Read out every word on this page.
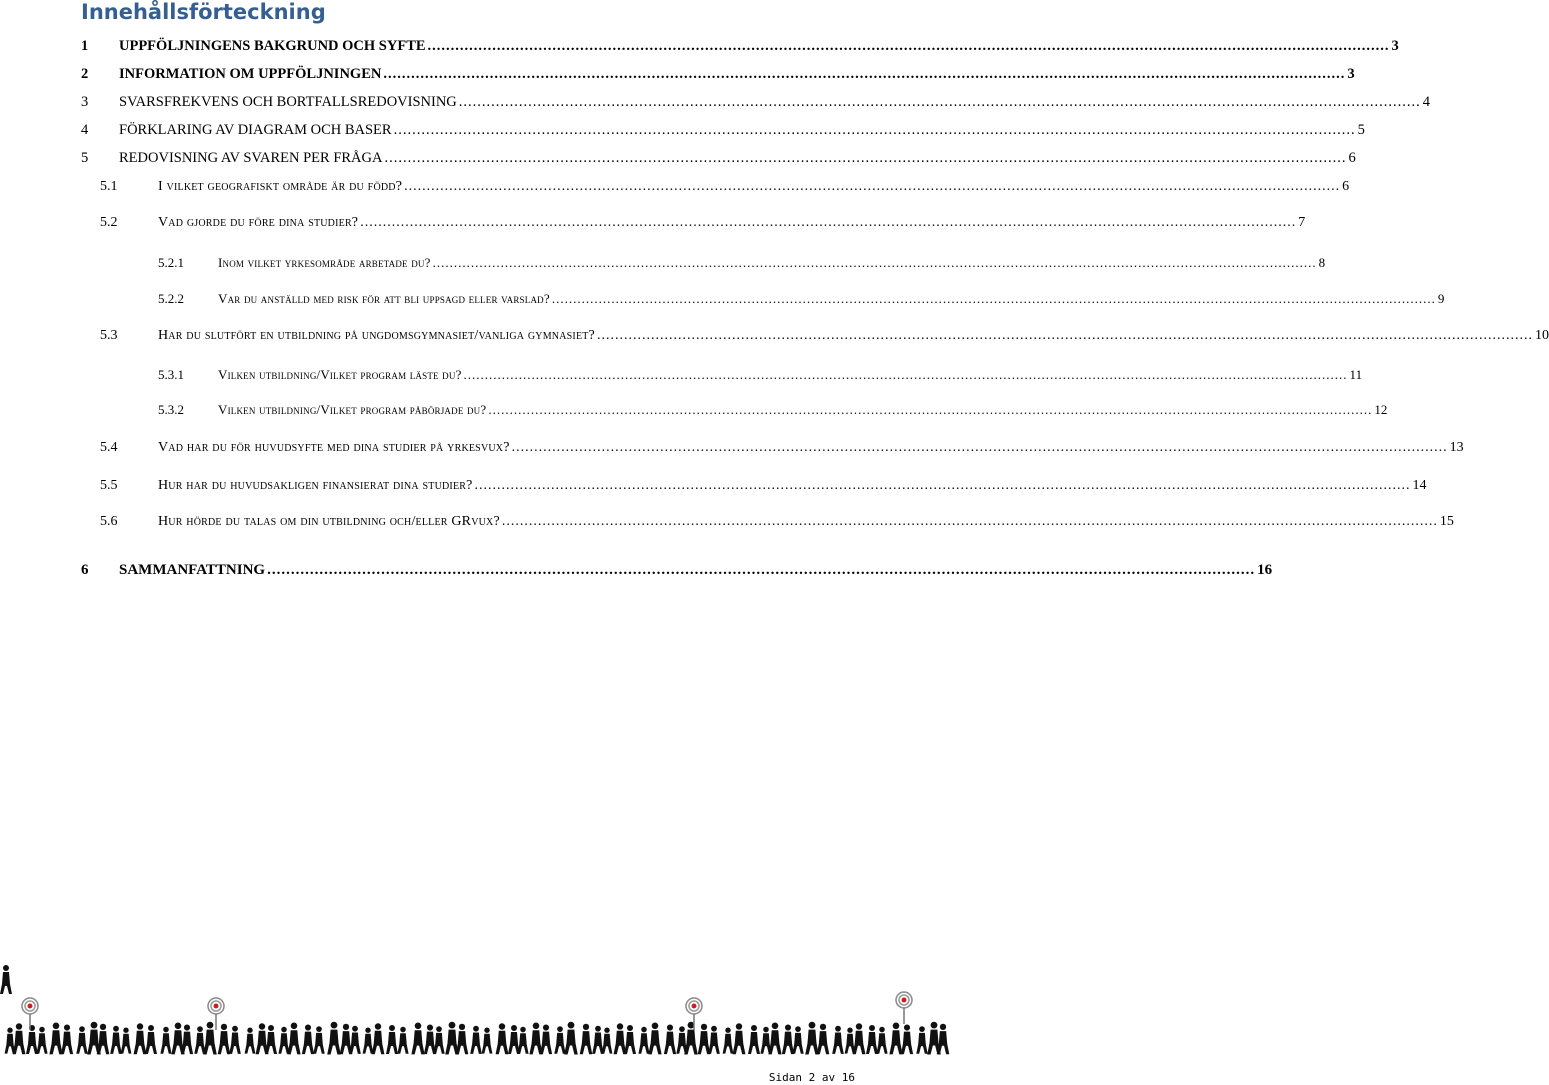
Innehållsförteckning
1	UPPFÖLJNINGENS BAKGRUND OCH SYFTE ................................................................................................................................................................................................................ 3
2	INFORMATION OM UPPFÖLJNINGEN ................................................................................................................................................................................................................ 3
3	SVARSFREKVENS OCH BORTFALLSREDOVISNING ................................................................................................................................................................................................................ 4
4	FÖRKLARING AV DIAGRAM OCH BASER ................................................................................................................................................................................................................ 5
5	REDOVISNING AV SVAREN PER FRÅGA ................................................................................................................................................................................................................ 6
5.1	I vilket geografiskt område är du född? ................................................................................................................................................................................................................ 6
5.2	Vad gjorde du före dina studier? ................................................................................................................................................................................................................ 7
5.2.1	Inom vilket yrkesområde arbetade du? ................................................................................................................................................................................................................ 8
5.2.2	Var du anställd med risk för att bli uppsagd eller varslad? ................................................................................................................................................................................................................ 9
5.3	Har du slutfört en utbildning på ungdomsgymnasiet/vanliga gymnasiet? ................................................................................................................................................................................................................ 10
5.3.1	Vilken utbildning/Vilket program läste du? ................................................................................................................................................................................................................ 11
5.3.2	Vilken utbildning/Vilket program påbörjade du? ................................................................................................................................................................................................................ 12
5.4	Vad har du för huvudsyfte med dina studier på yrkesvux? ................................................................................................................................................................................................................ 13
5.5	Hur har du huvudsakligen finansierat dina studier? ................................................................................................................................................................................................................ 14
5.6	Hur hörde du talas om din utbildning och/eller GRvux? ................................................................................................................................................................................................................ 15
6	SAMMANFATTNING ................................................................................................................................................................................................................ 16
Sidan 2 av 16
